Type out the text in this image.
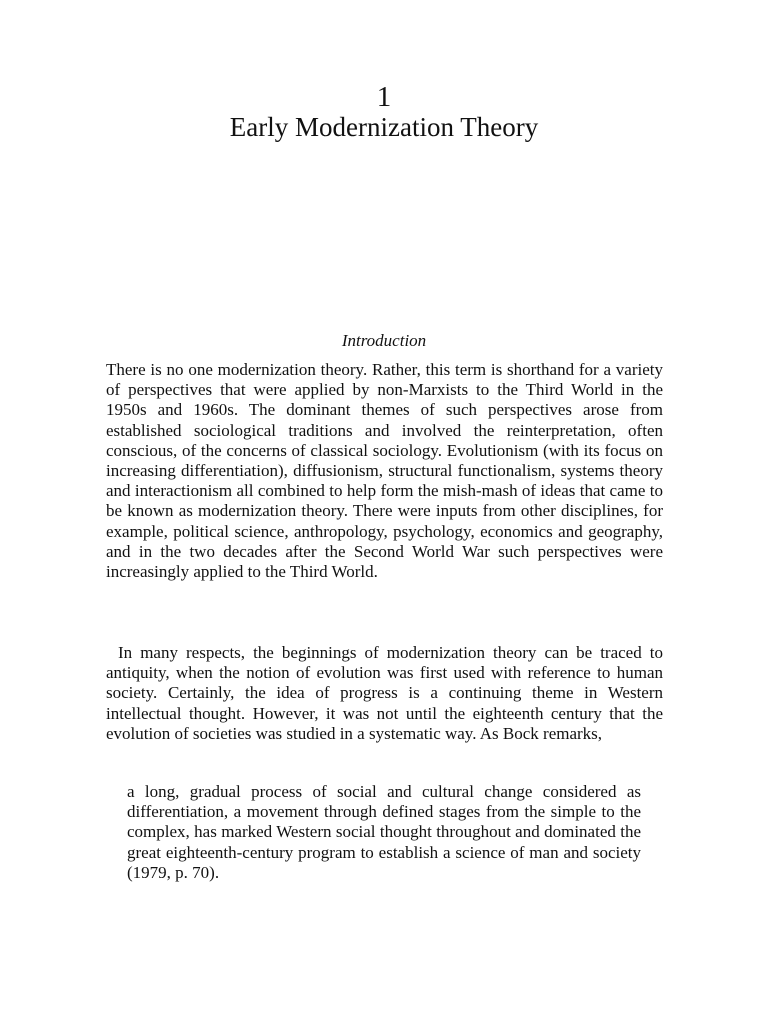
1
Early Modernization Theory
Introduction

There is no one modernization theory. Rather, this term is shorthand for a variety of perspectives that were applied by non-Marxists to the Third World in the 1950s and 1960s. The dominant themes of such perspectives arose from established sociological traditions and involved the reinterpretation, often conscious, of the concerns of classical sociology. Evolutionism (with its focus on increasing differentiation), diffusionism, structural functionalism, systems theory and interactionism all combined to help form the mish-mash of ideas that came to be known as modernization theory. There were inputs from other disciplines, for example, political science, anthropology, psychology, economics and geography, and in the two decades after the Second World War such perspectives were increasingly applied to the Third World.

In many respects, the beginnings of modernization theory can be traced to antiquity, when the notion of evolution was first used with reference to human society. Certainly, the idea of progress is a continuing theme in Western intellectual thought. However, it was not until the eighteenth century that the evolution of societies was studied in a systematic way. As Bock remarks,

a long, gradual process of social and cultural change considered as differentiation, a movement through defined stages from the simple to the complex, has marked Western social thought throughout and dominated the great eighteenth-century program to establish a science of man and society (1979, p. 70).
